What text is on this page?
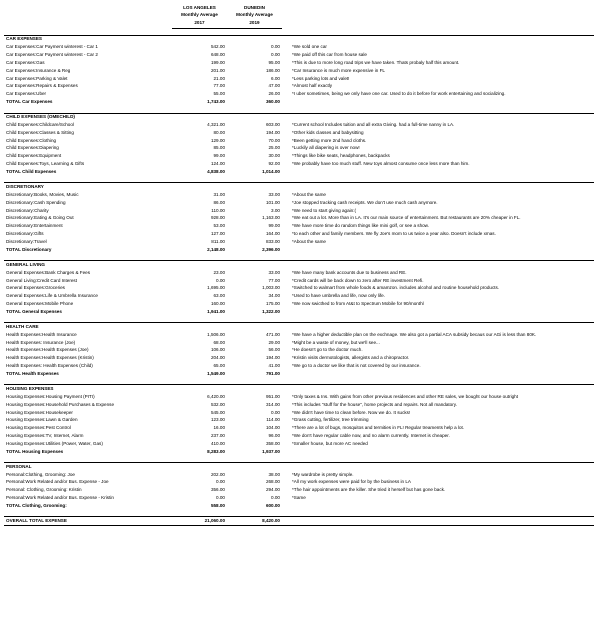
	LOS ANGELES	DUNEDIN		
	Monthly Average	Monthly Average		
	2017	2019		

CAR EXPENSES				
Car Expenses:Car Payment winterest - Car 1	542.00	0.00		*We sold one car
Car Expenses:Car Payment winterest - Car 2	648.00	0.00		*We paid off this car from house sale
Car Expenses:Gas	199.00	95.00		*This is due to more long road trips we have taken. Thats probaly half this amount.
Car Expenses:Insurance & Reg	201.00	186.00		*Car Insurance is much more expensive in FL
Car Expenses:Parking & Valet	21.00	6.00		*Less parking lots and valet!
Car Expenses:Repairs & Expenses	77.00	47.00		*Almost half exactly
Car Expenses:Uber	55.00	26.00		*I uber sometimes, being we only have one car. Used to do it before for work entertaining and socializing.
TOTAL Car Expenses	1,743.00	360.00		

CHILD EXPENSES (OMECHILD)				
Child Expenses:Childcare/School	4,321.00	603.00		*Current school Includes tuition and all extra Giving. had a full-time nanny in LA.
Child Expenses:Classes & Sitting	80.00	194.00		*Other kids classes and babysitting
Child Expenses:Clothing	129.00	70.00		*Been getting more 2nd hand cloths.
Child Expenses:Diapering	85.00	25.00		*Luckily all diapering is over now!
Child Expenses:Equipment	99.00	30.00		*Things like bike seats, headphones, backpacks
Child Expenses:Toys, Learning & Gifts	124.00	92.00		*We probably have too much stuff. New toys almost consume once less more than him.
TOTAL Child Expenses	4,838.00	1,014.00		

DISCRETIONARY				
Discretionary:Books, Movies, Music	31.00	33.00		*About the same
Discretionary:Cash Spending	86.00	101.00		*Joe stopped tracking cash receipts. We don't use much cash anymore.
Discretionary:Charity	110.00	3.00		*We need to start giving again:(
Discretionary:Eating & Going Out	928.00	1,163.00		*We eat out a lot. More than in LA. It's our main source of entertainment. But restaurants are 20% cheaper in FL.
Discretionary:Entertainment	53.00	99.00		*We have more time do random things like mini golf, or see a show.
Discretionary:Gifts	127.00	164.00		*to each other and family members. We fly Joe's mom to us twice a year also. Doesn't include xmas.
Discretionary:Travel	811.00	833.00		*About the same
TOTAL Discretionary	2,148.00	2,396.00		

GENERAL LIVING				
General Expenses:Bank Charges & Fees	23.00	33.00		*We have many bank accounts due to business and RE.
General Living:Credit Card Interest	0.00	77.00		*Credit cards will be back down to zero after RE investment Refi.
General Expenses:Groceries	1,695.00	1,003.00		*Switched to walmart from whole foods & amamzon. includes alcohol and routine household products.
General Expenses:Life & Umbrella Insurance	63.00	34.00		*Used to have umbrella and life, now only life.
General Expenses:Mobile Phone	160.00	175.00		*We now swicthed to from At&t to Spectrum Mobile for 90/monthl
TOTAL General Expenses	1,941.00	1,322.00		

HEALTH CARE				
Health Expenses:Health Insurance	1,506.00	471.00		*We have a higher deductible plan on the exchnage. We also got a partial ACA subsidy becaus our AGi is less than 80K.
Health Expenses: Insurance (Joe)	68.00	29.00		*Might be a waste of money, but we'll see...
Health Expenses:Health Expenses (Joe)	106.00	56.00		*He doesn't go to the doctor much.
Health Expenses:Health Expenses (Kristin)	204.00	194.00		*Kristin visits dermotologists, allergists and a chiropractor.
Health Expenses: Health Expenses (Child)	65.00	41.00		*We go to a doctor we like that is not covered by our insurance.
TOTAL Health Expenses	1,549.00	791.00		

HOUSING EXPENSES				
Housing Expenses:Housing Payment (PITI)	6,420.00	951.00		*Only taxes & Ins. With gains from other previous residences and other RE sales, we bought our house outright
Housing Expenses:Household Purchases & Expense	532.00	314.00		*This includes "stuff for the house", home projects and repairs. Not all mandatory.
Housing Expenses:Housekeeper	545.00	0.00		*We didn't have time to clean before. Now we do. It sucks!
Housing Expenses:Lawn & Garden	123.00	114.00		*Grass cutting, fertilizer, tree trimming
Housing Expenses:Pest Control	16.00	104.00		*There are a lot of bugs, mosquitos and termities in FL! Regular treaments help a lot.
Housing Expenses:TV, Internet, Alarm	237.00	96.00		*We don't have regular cable now, and no alarm currently. Internet is cheaper.
Housing Expenses:Utilities (Power, Water, Gas)	410.00	358.00		*Smaller house, but more AC needed
TOTAL Housing Expenses	8,283.00	1,937.00		

PERSONAL				
Personal:Clothing, Grooming: Joe	202.00	38.00		*My wardrobe is pretty simple.
Personal:Work Related and/or Bus. Expense - Joe	0.00	268.00		*All my work expenses were paid for by the business in LA
Personal: Clothing, Grooming: Kristin	356.00	294.00		*The hair appointments are the killer. She tried it herself but has gone back.
Personal:Work Related and/or Bus. Expense - Kristin	0.00	0.00		*Same
TOTAL Clothing, Grooming:	558.00	600.00		

OVERALL TOTAL EXPENSE	21,060.00	8,420.00		
